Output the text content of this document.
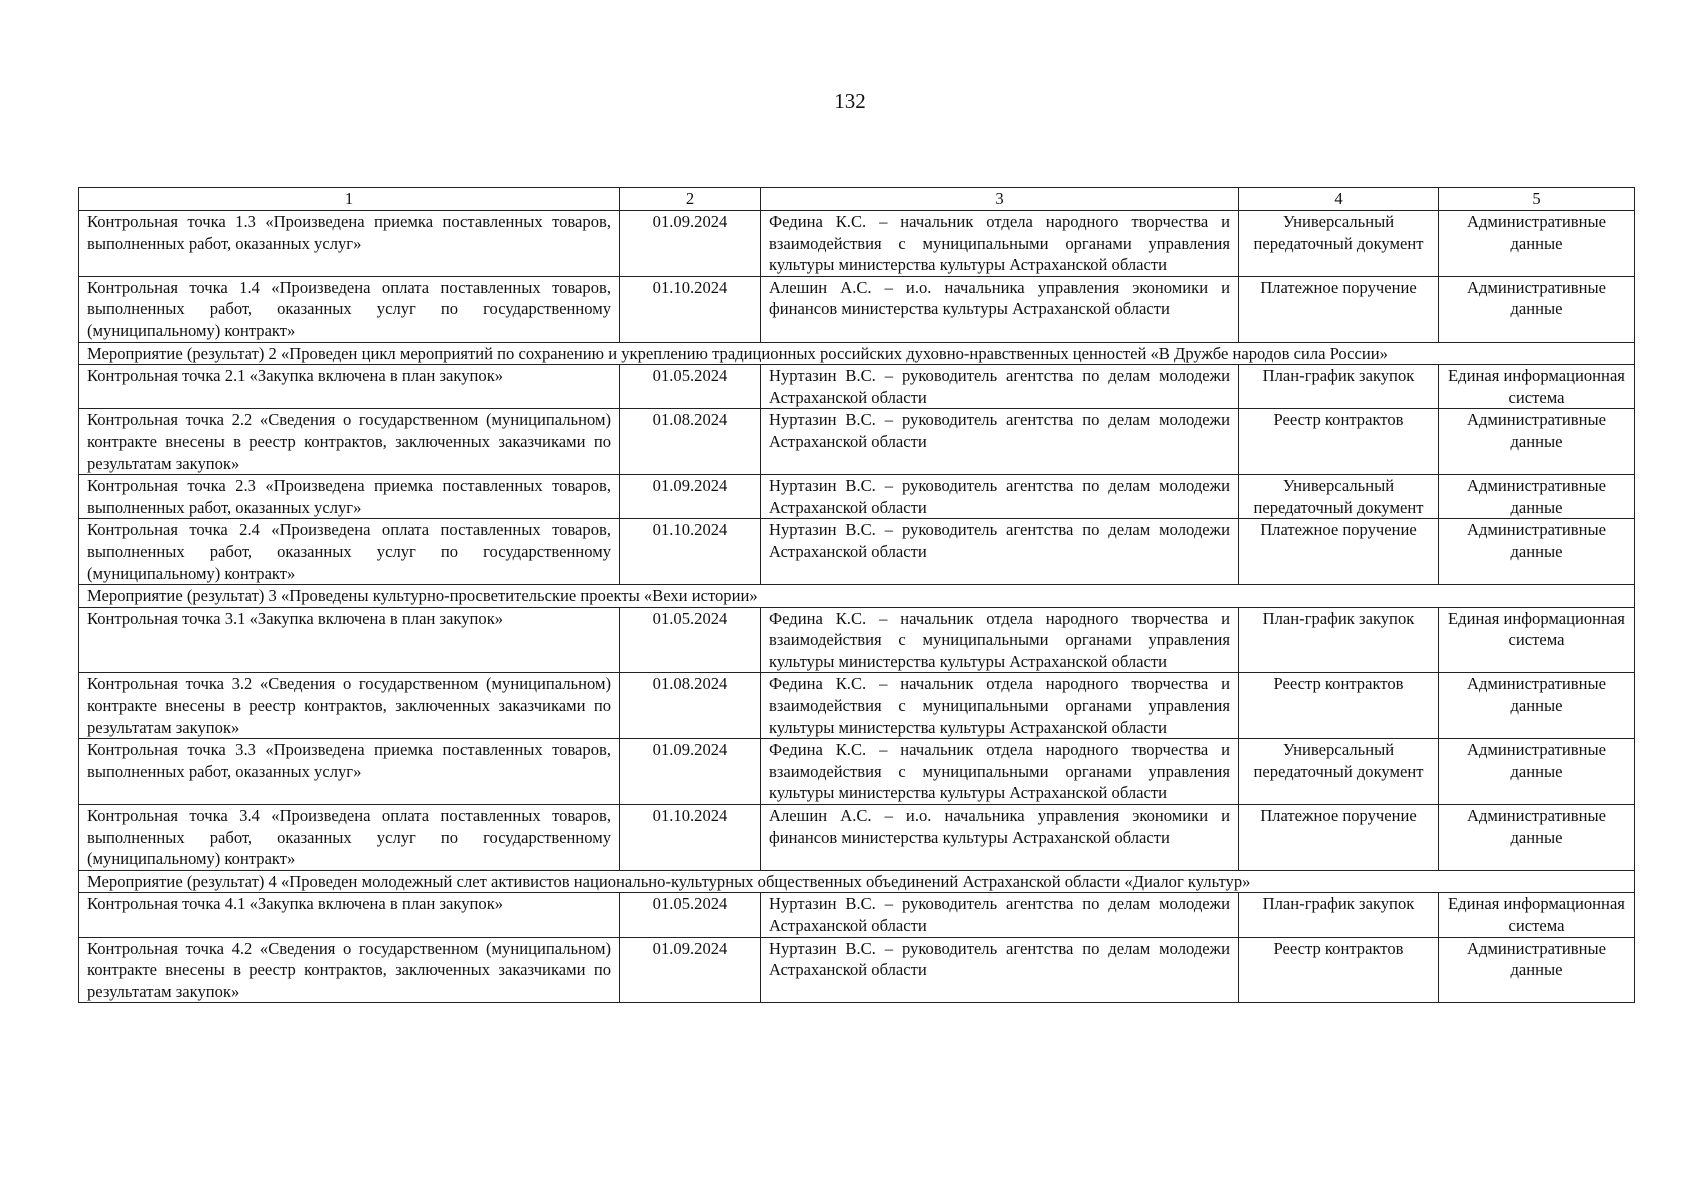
132
1	2	3	4	5
Контрольная точка 1.3 «Произведена приемка поставленных товаров, выполненных работ, оказанных услуг»	01.09.2024	Федина К.С. – начальник отдела народного творчества и взаимодействия с муниципальными органами управления культуры министерства культуры Астраханской области	Универсальный передаточный документ	Административные данные
Контрольная точка 1.4 «Произведена оплата поставленных товаров, выполненных работ, оказанных услуг по государственному (муниципальному) контракт»	01.10.2024	Алешин А.С. – и.о. начальника управления экономики и финансов министерства культуры Астраханской области	Платежное поручение	Административные данные
Мероприятие (результат) 2 «Проведен цикл мероприятий по сохранению и укреплению традиционных российских духовно-нравственных ценностей «В Дружбе народов сила России»				
Контрольная точка 2.1 «Закупка включена в план закупок»	01.05.2024	Нуртазин В.С. – руководитель агентства по делам молодежи Астраханской области	План-график закупок	Единая информационная система
Контрольная точка 2.2 «Сведения о государственном (муниципальном) контракте внесены в реестр контрактов, заключенных заказчиками по результатам закупок»	01.08.2024	Нуртазин В.С. – руководитель агентства по делам молодежи Астраханской области	Реестр контрактов	Административные данные
Контрольная точка 2.3 «Произведена приемка поставленных товаров, выполненных работ, оказанных услуг»	01.09.2024	Нуртазин В.С. – руководитель агентства по делам молодежи Астраханской области	Универсальный передаточный документ	Административные данные
Контрольная точка 2.4 «Произведена оплата поставленных товаров, выполненных работ, оказанных услуг по государственному (муниципальному) контракт»	01.10.2024	Нуртазин В.С. – руководитель агентства по делам молодежи Астраханской области	Платежное поручение	Административные данные
Мероприятие (результат) 3 «Проведены культурно-просветительские проекты «Вехи истории»				
Контрольная точка 3.1 «Закупка включена в план закупок»	01.05.2024	Федина К.С. – начальник отдела народного творчества и взаимодействия с муниципальными органами управления культуры министерства культуры Астраханской области	План-график закупок	Единая информационная система
Контрольная точка 3.2 «Сведения о государственном (муниципальном) контракте внесены в реестр контрактов, заключенных заказчиками по результатам закупок»	01.08.2024	Федина К.С. – начальник отдела народного творчества и взаимодействия с муниципальными органами управления культуры министерства культуры Астраханской области	Реестр контрактов	Административные данные
Контрольная точка 3.3 «Произведена приемка поставленных товаров, выполненных работ, оказанных услуг»	01.09.2024	Федина К.С. – начальник отдела народного творчества и взаимодействия с муниципальными органами управления культуры министерства культуры Астраханской области	Универсальный передаточный документ	Административные данные
Контрольная точка 3.4 «Произведена оплата поставленных товаров, выполненных работ, оказанных услуг по государственному (муниципальному) контракт»	01.10.2024	Алешин А.С. – и.о. начальника управления экономики и финансов министерства культуры Астраханской области	Платежное поручение	Административные данные
Мероприятие (результат) 4 «Проведен молодежный слет активистов национально-культурных общественных объединений Астраханской области «Диалог культур»				
Контрольная точка 4.1 «Закупка включена в план закупок»	01.05.2024	Нуртазин В.С. – руководитель агентства по делам молодежи Астраханской области	План-график закупок	Единая информационная система
Контрольная точка 4.2 «Сведения о государственном (муниципальном) контракте внесены в реестр контрактов, заключенных заказчиками по результатам закупок»	01.09.2024	Нуртазин В.С. – руководитель агентства по делам молодежи Астраханской области	Реестр контрактов	Административные данные
